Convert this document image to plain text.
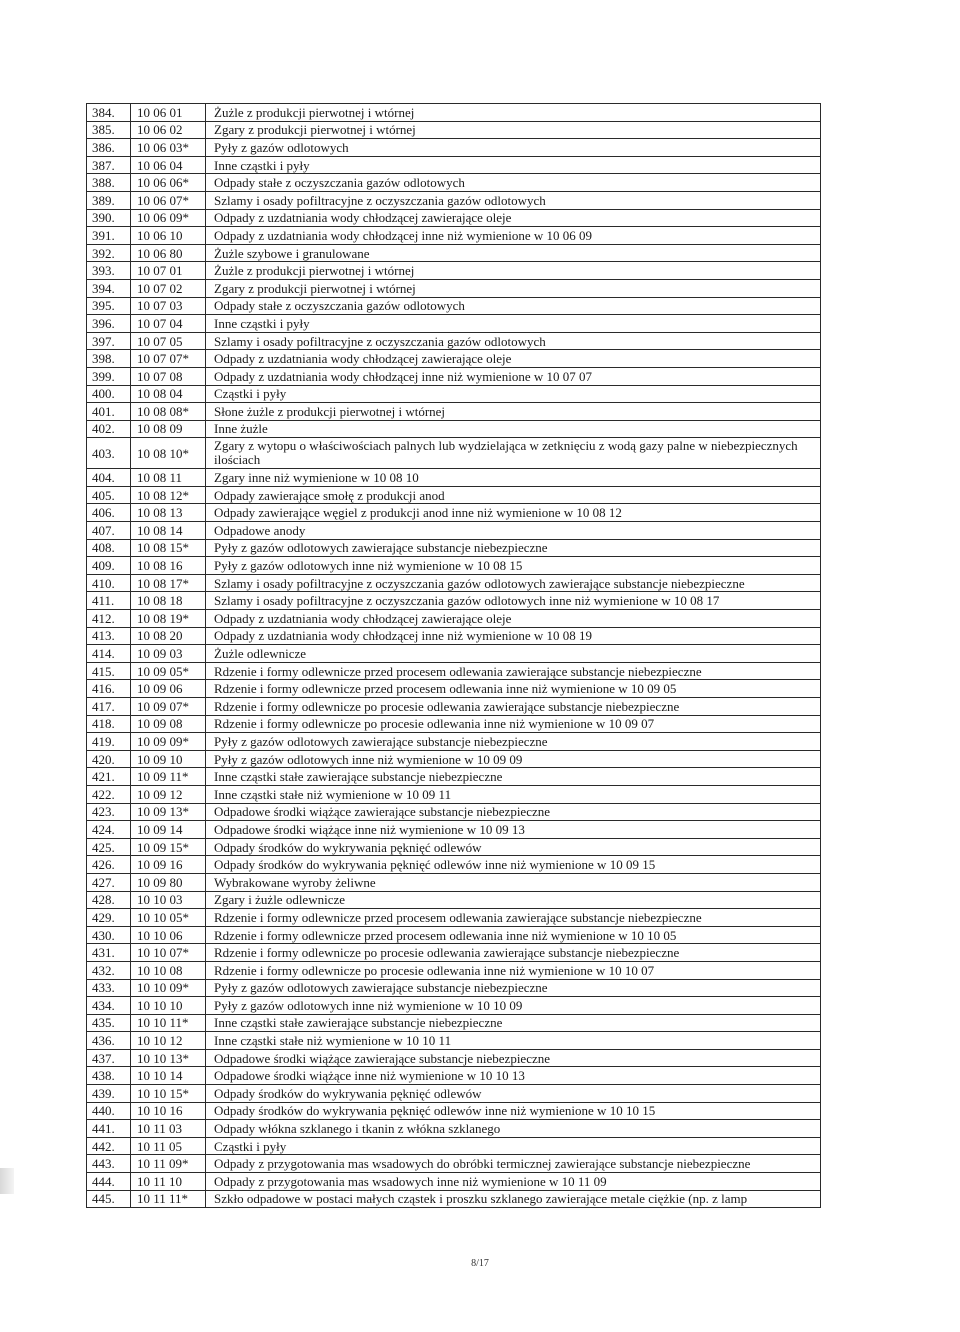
384.	10 06 01	Żużle z produkcji pierwotnej i wtórnej
385.	10 06 02	Zgary z produkcji pierwotnej i wtórnej
386.	10 06 03*	Pyły z gazów odlotowych
387.	10 06 04	Inne cząstki i pyły
388.	10 06 06*	Odpady stałe z oczyszczania gazów odlotowych
389.	10 06 07*	Szlamy i osady pofiltracyjne z oczyszczania gazów odlotowych
390.	10 06 09*	Odpady z uzdatniania wody chłodzącej zawierające oleje
391.	10 06 10	Odpady z uzdatniania wody chłodzącej inne niż wymienione w 10 06 09
392.	10 06 80	Żużle szybowe i granulowane
393.	10 07 01	Żużle z produkcji pierwotnej i wtórnej
394.	10 07 02	Zgary z produkcji pierwotnej i wtórnej
395.	10 07 03	Odpady stałe z oczyszczania gazów odlotowych
396.	10 07 04	Inne cząstki i pyły
397.	10 07 05	Szlamy i osady pofiltracyjne z oczyszczania gazów odlotowych
398.	10 07 07*	Odpady z uzdatniania wody chłodzącej zawierające oleje
399.	10 07 08	Odpady z uzdatniania wody chłodzącej inne niż wymienione w 10 07 07
400.	10 08 04	Cząstki i pyły
401.	10 08 08*	Słone żużle z produkcji pierwotnej i wtórnej
402.	10 08 09	Inne żużle
403.	10 08 10*	Zgary z wytopu o właściwościach palnych lub wydzielająca w zetknięciu z wodą gazy palne w niebezpiecznych ilościach
404.	10 08 11	Zgary inne niż wymienione w 10 08 10
405.	10 08 12*	Odpady zawierające smołę z produkcji anod
406.	10 08 13	Odpady zawierające węgiel z produkcji anod inne niż wymienione w 10 08 12
407.	10 08 14	Odpadowe anody
408.	10 08 15*	Pyły z gazów odlotowych zawierające substancje niebezpieczne
409.	10 08 16	Pyły z gazów odlotowych inne niż wymienione w 10 08 15
410.	10 08 17*	Szlamy i osady pofiltracyjne z oczyszczania gazów odlotowych zawierające substancje niebezpieczne
411.	10 08 18	Szlamy i osady pofiltracyjne z oczyszczania gazów odlotowych inne niż wymienione w 10 08 17
412.	10 08 19*	Odpady z uzdatniania wody chłodzącej zawierające oleje
413.	10 08 20	Odpady z uzdatniania wody chłodzącej inne niż wymienione w 10 08 19
414.	10 09 03	Żużle odlewnicze
415.	10 09 05*	Rdzenie i formy odlewnicze przed procesem odlewania zawierające substancje niebezpieczne
416.	10 09 06	Rdzenie i formy odlewnicze przed procesem odlewania inne niż wymienione w 10 09 05
417.	10 09 07*	Rdzenie i formy odlewnicze po procesie odlewania zawierające substancje niebezpieczne
418.	10 09 08	Rdzenie i formy odlewnicze po procesie odlewania inne niż wymienione w 10 09 07
419.	10 09 09*	Pyły z gazów odlotowych zawierające substancje niebezpieczne
420.	10 09 10	Pyły z gazów odlotowych inne niż wymienione w 10 09 09
421.	10 09 11*	Inne cząstki stałe zawierające substancje niebezpieczne
422.	10 09 12	Inne cząstki stałe niż wymienione w 10 09 11
423.	10 09 13*	Odpadowe środki wiążące zawierające substancje niebezpieczne
424.	10 09 14	Odpadowe środki wiążące inne niż wymienione w 10 09 13
425.	10 09 15*	Odpady środków do wykrywania pęknięć odlewów
426.	10 09 16	Odpady środków do wykrywania pęknięć odlewów inne niż wymienione w 10 09 15
427.	10 09 80	Wybrakowane wyroby żeliwne
428.	10 10 03	Zgary i żużle odlewnicze
429.	10 10 05*	Rdzenie i formy odlewnicze przed procesem odlewania zawierające substancje niebezpieczne
430.	10 10 06	Rdzenie i formy odlewnicze przed procesem odlewania inne niż wymienione w 10 10 05
431.	10 10 07*	Rdzenie i formy odlewnicze po procesie odlewania zawierające substancje niebezpieczne
432.	10 10 08	Rdzenie i formy odlewnicze po procesie odlewania inne niż wymienione w 10 10 07
433.	10 10 09*	Pyły z gazów odlotowych zawierające substancje niebezpieczne
434.	10 10 10	Pyły z gazów odlotowych inne niż wymienione w 10 10 09
435.	10 10 11*	Inne cząstki stałe zawierające substancje niebezpieczne
436.	10 10 12	Inne cząstki stałe niż wymienione w 10 10 11
437.	10 10 13*	Odpadowe środki wiążące zawierające substancje niebezpieczne
438.	10 10 14	Odpadowe środki wiążące inne niż wymienione w 10 10 13
439.	10 10 15*	Odpady środków do wykrywania pęknięć odlewów
440.	10 10 16	Odpady środków do wykrywania pęknięć odlewów inne niż wymienione w 10 10 15
441.	10 11 03	Odpady włókna szklanego i tkanin z włókna szklanego
442.	10 11 05	Cząstki i pyły
443.	10 11 09*	Odpady z przygotowania mas wsadowych do obróbki termicznej zawierające substancje niebezpieczne
444.	10 11 10	Odpady z przygotowania mas wsadowych inne niż wymienione w 10 11 09
445.	10 11 11*	Szkło odpadowe w postaci małych cząstek i proszku szklanego zawierające metale ciężkie (np. z lamp
8/17
